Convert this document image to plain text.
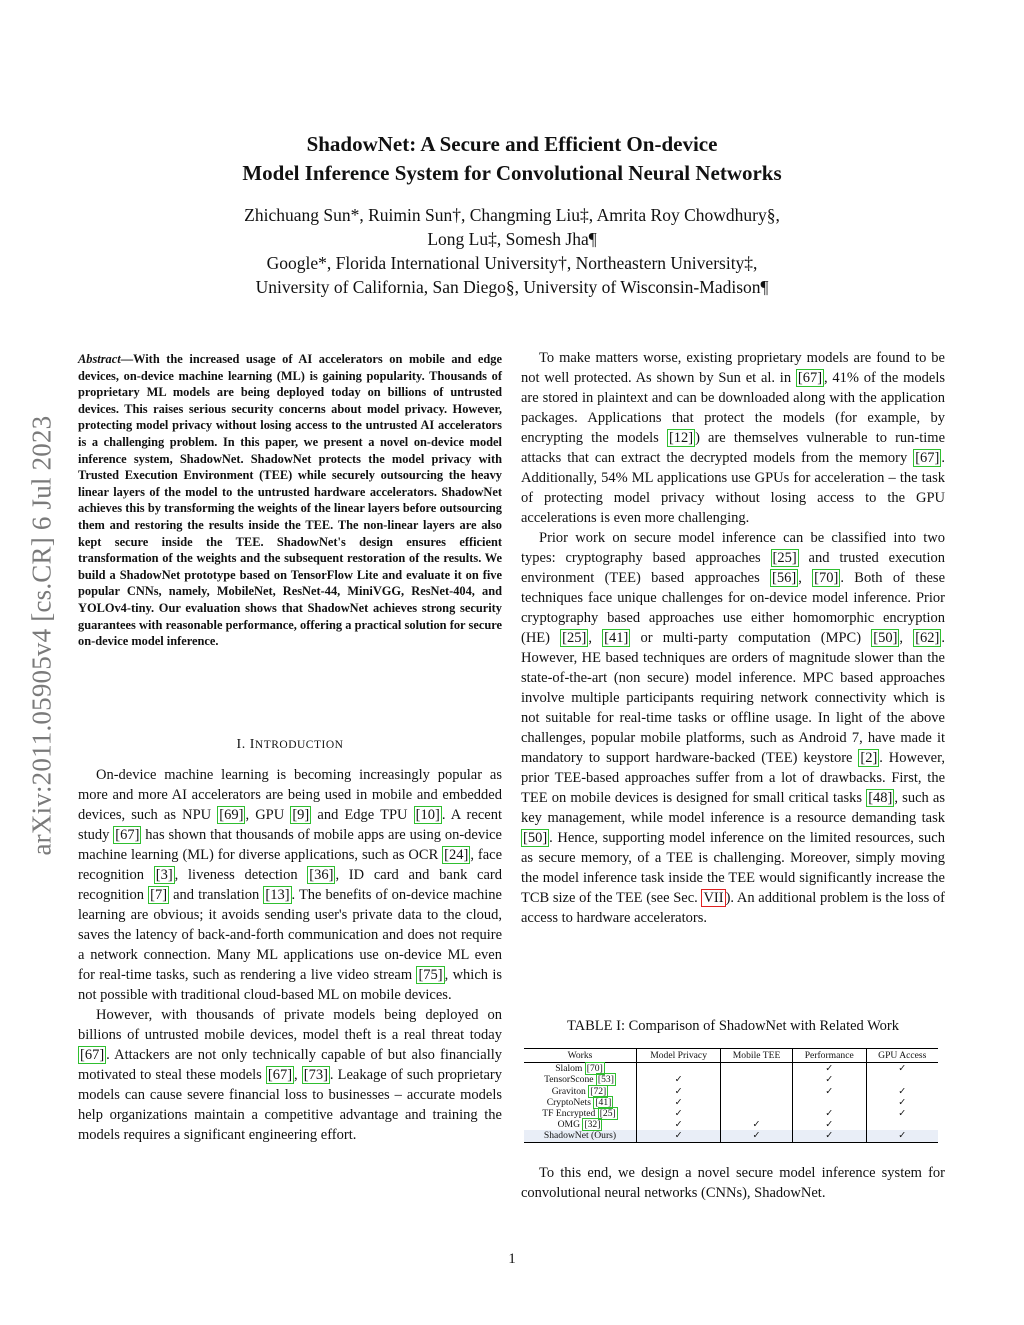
ShadowNet: A Secure and Efficient On-device
Model Inference System for Convolutional Neural Networks
Zhichuang Sun*, Ruimin Sun†, Changming Liu‡, Amrita Roy Chowdhury§,
Long Lu‡, Somesh Jha¶
Google*, Florida International University†, Northeastern University‡,
University of California, San Diego§, University of Wisconsin-Madison¶
arXiv:2011.05905v4 [cs.CR] 6 Jul 2023
Abstract—With the increased usage of AI accelerators on mobile and edge devices, on-device machine learning (ML) is gaining popularity. Thousands of proprietary ML models are being deployed today on billions of untrusted devices. This raises serious security concerns about model privacy. However, protecting model privacy without losing access to the untrusted AI accelerators is a challenging problem. In this paper, we present a novel on-device model inference system, ShadowNet. ShadowNet protects the model privacy with Trusted Execution Environment (TEE) while securely outsourcing the heavy linear layers of the model to the untrusted hardware accelerators. ShadowNet achieves this by transforming the weights of the linear layers before outsourcing them and restoring the results inside the TEE. The non-linear layers are also kept secure inside the TEE. ShadowNet's design ensures efficient transformation of the weights and the subsequent restoration of the results. We build a ShadowNet prototype based on TensorFlow Lite and evaluate it on five popular CNNs, namely, MobileNet, ResNet-44, MiniVGG, ResNet-404, and YOLOv4-tiny. Our evaluation shows that ShadowNet achieves strong security guarantees with reasonable performance, offering a practical solution for secure on-device model inference.
I. INTRODUCTION

On-device machine learning is becoming increasingly popular as more and more AI accelerators are being used in mobile and embedded devices, such as NPU [69] , GPU [9] and Edge TPU [10] . A recent study [67] has shown that thousands of mobile apps are using on-device machine learning (ML) for diverse applications, such as OCR [24] , face recognition [3] , liveness detection [36] , ID card and bank card recognition [7] and translation [13] . The benefits of on-device machine learning are obvious; it avoids sending user's private data to the cloud, saves the latency of back-and-forth communication and does not require a network connection. Many ML applications use on-device ML even for real-time tasks, such as rendering a live video stream [75] , which is not possible with traditional cloud-based ML on mobile devices.

However, with thousands of private models being deployed on billions of untrusted mobile devices, model theft is a real threat today [67] . Attackers are not only technically capable of but also financially motivated to steal these models [67] , [73] . Leakage of such proprietary models can cause severe financial loss to businesses – accurate models help organizations maintain a competitive advantage and training the models requires a significant engineering effort.

To make matters worse, existing proprietary models are found to be not well protected. As shown by Sun et al. in [67] , 41% of the models are stored in plaintext and can be downloaded along with the application packages. Applications that protect the models (for example, by encrypting the models [12] ) are themselves vulnerable to run-time attacks that can extract the decrypted models from the memory [67] . Additionally, 54% ML applications use GPUs for acceleration – the task of protecting model privacy without losing access to the GPU accelerations is even more challenging.

Prior work on secure model inference can be classified into two types: cryptography based approaches [25] and trusted execution environment (TEE) based approaches [56] , [70] . Both of these techniques face unique challenges for on-device model inference. Prior cryptography based approaches use either homomorphic encryption (HE) [25] , [41] or multi-party computation (MPC) [50] , [62] . However, HE based techniques are orders of magnitude slower than the state-of-the-art (non secure) model inference. MPC based approaches involve multiple participants requiring network connectivity which is not suitable for real-time tasks or offline usage. In light of the above challenges, popular mobile platforms, such as Android 7, have made it mandatory to support hardware-backed (TEE) keystore [2] . However, prior TEE-based approaches suffer from a lot of drawbacks. First, the TEE on mobile devices is designed for small critical tasks [48] , such as key management, while model inference is a resource demanding task [50] . Hence, supporting model inference on the limited resources, such as secure memory, of a TEE is challenging. Moreover, simply moving the model inference task inside the TEE would significantly increase the TCB size of the TEE (see Sec. VII ). An additional problem is the loss of access to hardware accelerators.

TABLE I: Comparison of ShadowNet with Related Work
Works	Model Privacy	Mobile TEE	Performance	GPU Access
Slalom [70]			✓	✓
TensorScone [53]	✓		✓	
Graviton [72]	✓		✓	✓
CryptoNets [41]	✓			✓
TF Encrypted [25]	✓		✓	✓
OMG [32]	✓	✓	✓	
ShadowNet (Ours)	✓	✓	✓	✓

To this end, we design a novel secure model inference system for convolutional neural networks (CNNs), ShadowNet.

1
